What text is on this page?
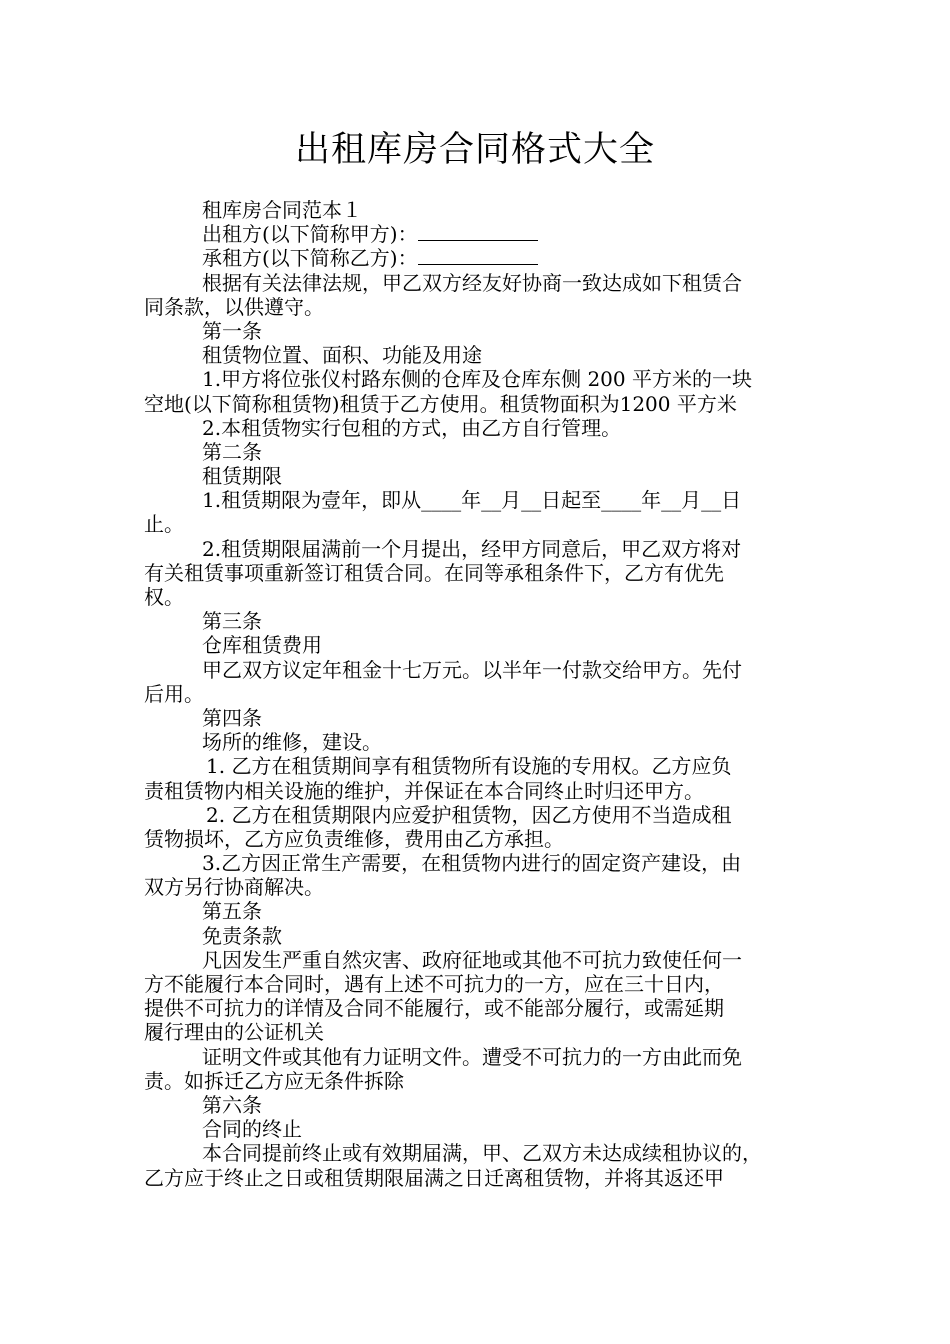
出租库房合同格式大全
租库房合同范本１
出租方(以下简称甲方)：
承租方(以下简称乙方)：
根据有关法律法规，甲乙双方经友好协商一致达成如下租赁合
同条款，以供遵守。
第一条
租赁物位置、面积、功能及用途
1.甲方将位张仪村路东侧的仓库及仓库东侧 200 平方米的一块
空地(以下简称租赁物)租赁于乙方使用。租赁物面积为1200 平方米
2.本租赁物实行包租的方式，由乙方自行管理。
第二条
租赁期限
1.租赁期限为壹年，即从____年__月__日起至____年__月__日
止。
2.租赁期限届满前一个月提出，经甲方同意后，甲乙双方将对
有关租赁事项重新签订租赁合同。在同等承租条件下，乙方有优先
权。
第三条
仓库租赁费用
甲乙双方议定年租金十七万元。以半年一付款交给甲方。先付
后用。
第四条
场所的维修，建设。
1. 乙方在租赁期间享有租赁物所有设施的专用权。乙方应负
责租赁物内相关设施的维护，并保证在本合同终止时归还甲方。
2. 乙方在租赁期限内应爱护租赁物，因乙方使用不当造成租
赁物损坏，乙方应负责维修，费用由乙方承担。
3.乙方因正常生产需要，在租赁物内进行的固定资产建设，由
双方另行协商解决。
第五条
免责条款
凡因发生严重自然灾害、政府征地或其他不可抗力致使任何一
方不能履行本合同时，遇有上述不可抗力的一方，应在三十日内，
提供不可抗力的详情及合同不能履行，或不能部分履行，或需延期
履行理由的公证机关
证明文件或其他有力证明文件。遭受不可抗力的一方由此而免
责。如拆迁乙方应无条件拆除
第六条
合同的终止
本合同提前终止或有效期届满，甲、乙双方未达成续租协议的，
乙方应于终止之日或租赁期限届满之日迁离租赁物，并将其返还甲
